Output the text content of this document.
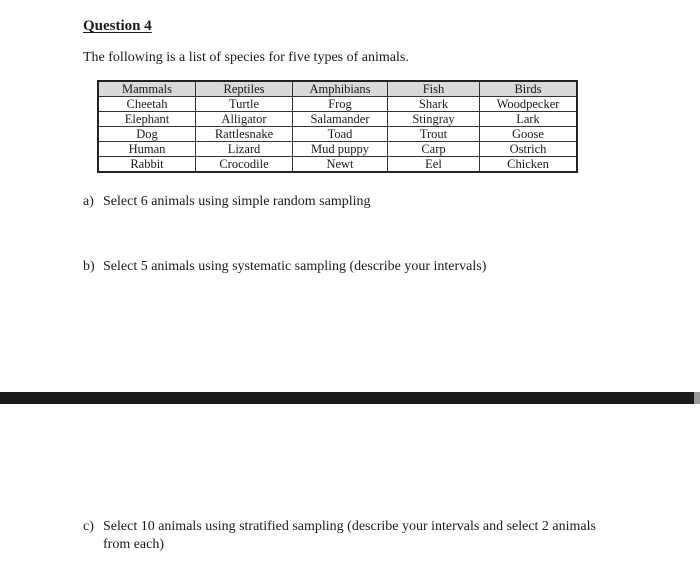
Question 4
The following is a list of species for five types of animals.
Mammals	Reptiles	Amphibians	Fish	Birds
Cheetah	Turtle	Frog	Shark	Woodpecker
Elephant	Alligator	Salamander	Stingray	Lark
Dog	Rattlesnake	Toad	Trout	Goose
Human	Lizard	Mud puppy	Carp	Ostrich
Rabbit	Crocodile	Newt	Eel	Chicken
a) Select 6 animals using simple random sampling
b) Select 5 animals using systematic sampling (describe your intervals)
c) Select 10 animals using stratified sampling (describe your intervals and select 2 animals
from each)
